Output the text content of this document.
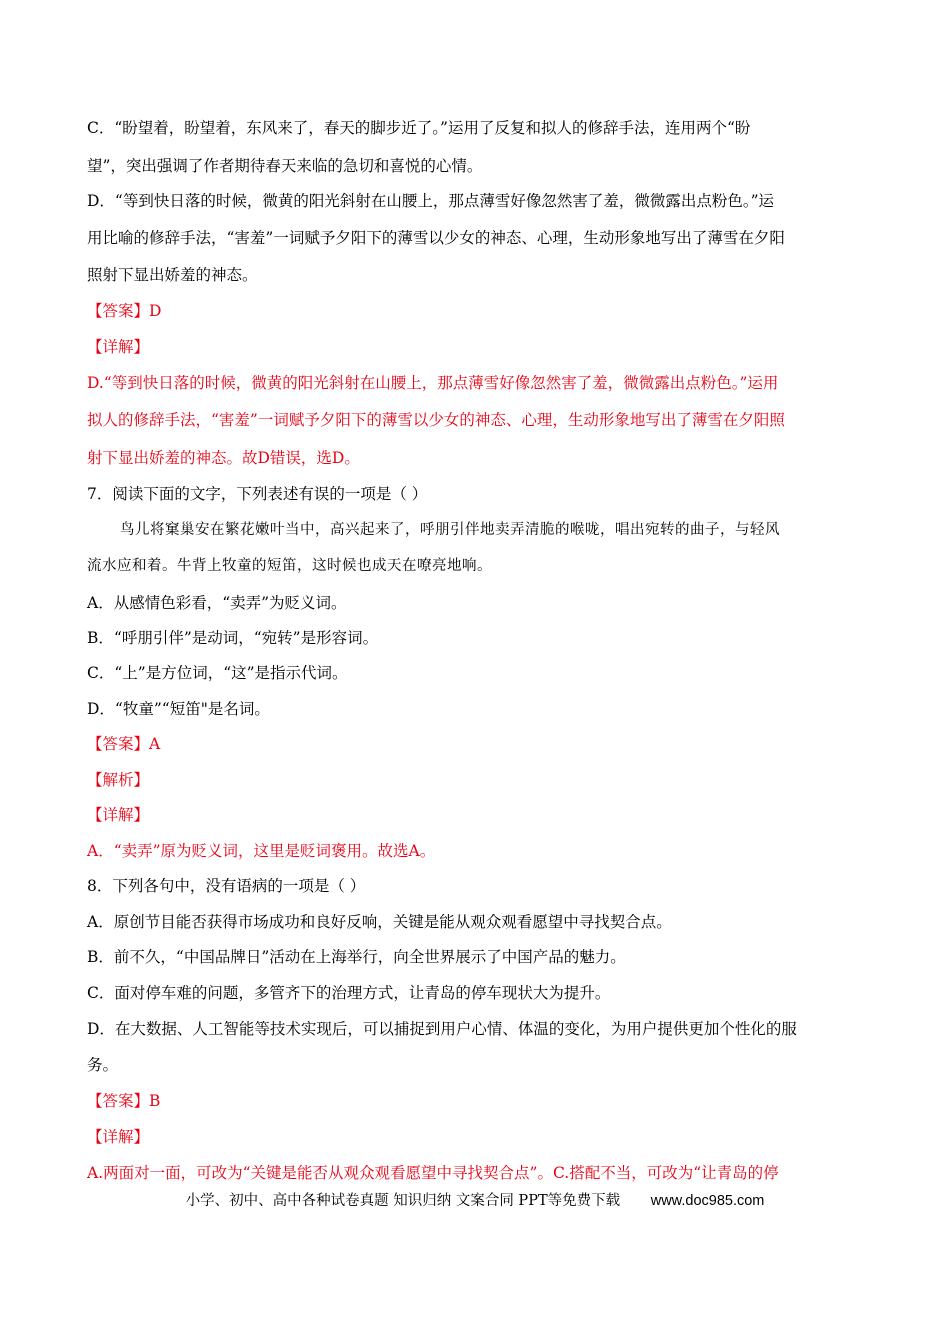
C．“盼望着，盼望着，东风来了，春天的脚步近了。”运用了反复和拟人的修辞手法，连用两个“盼
望”，突出强调了作者期待春天来临的急切和喜悦的心情。
D．“等到快日落的时候，微黄的阳光斜射在山腰上，那点薄雪好像忽然害了羞，微微露出点粉色。”运
用比喻的修辞手法，“害羞”一词赋予夕阳下的薄雪以少女的神态、心理，生动形象地写出了薄雪在夕阳
照射下显出娇羞的神态。
【答案】D
【详解】
D.“等到快日落的时候，微黄的阳光斜射在山腰上，那点薄雪好像忽然害了羞，微微露出点粉色。”运用
拟人的修辞手法，“害羞”一词赋予夕阳下的薄雪以少女的神态、心理，生动形象地写出了薄雪在夕阳照
射下显出娇羞的神态。故D错误，选D。
7．阅读下面的文字，下列表述有误的一项是（ ）
鸟儿将窠巢安在繁花嫩叶当中，高兴起来了，呼朋引伴地卖弄清脆的喉咙，唱出宛转的曲子，与轻风
流水应和着。牛背上牧童的短笛，这时候也成天在嘹亮地响。
A．从感情色彩看，“卖弄”为贬义词。
B．“呼朋引伴”是动词，“宛转”是形容词。
C．“上”是方位词，“这”是指示代词。
D．“牧童”“短笛"是名词。
【答案】A
【解析】
【详解】
A．“卖弄”原为贬义词，这里是贬词褒用。故选A。
8．下列各句中，没有语病的一项是（ ）
A．原创节目能否获得市场成功和良好反响，关键是能从观众观看愿望中寻找契合点。
B．前不久，“中国品牌日”活动在上海举行，向全世界展示了中国产品的魅力。
C．面对停车难的问题，多管齐下的治理方式，让青岛的停车现状大为提升。
D．在大数据、人工智能等技术实现后，可以捕捉到用户心情、体温的变化，为用户提供更加个性化的服
务。
【答案】B
【详解】
A.两面对一面，可改为“关键是能否从观众观看愿望中寻找契合点”。C.搭配不当，可改为“让青岛的停
小学、初中、高中各种试卷真题 知识归纳 文案合同 PPT等免费下载 www.doc985.com
